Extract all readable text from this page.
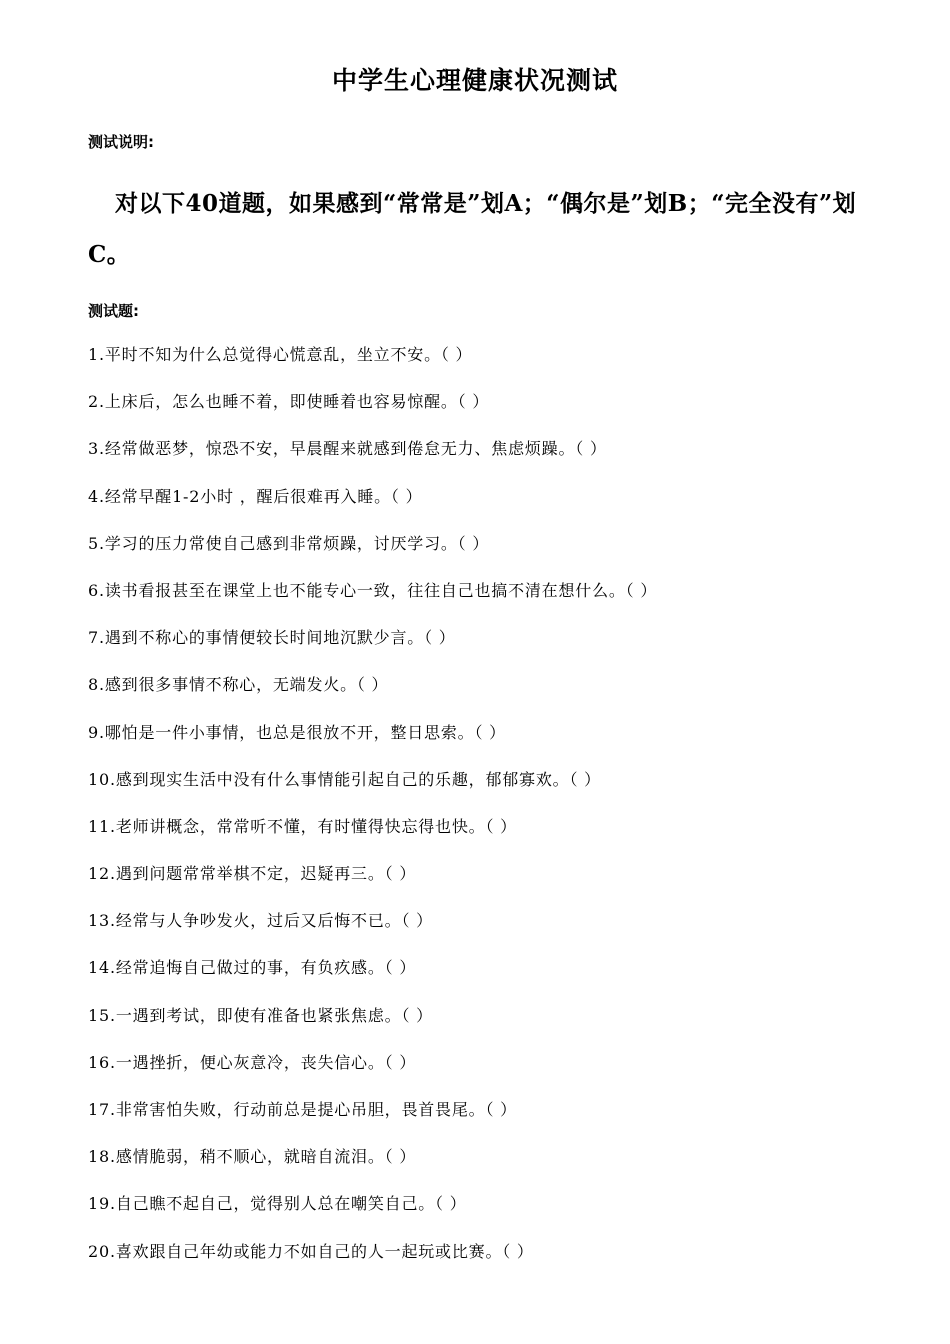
中学生心理健康状况测试
测试说明:
对以下40道题，如果感到“常常是”划A；“偶尔是”划B；“完全没有”划C。
测试题:
1.平时不知为什么总觉得心慌意乱，坐立不安。（ ）
2.上床后，怎么也睡不着，即使睡着也容易惊醒。（ ）
3.经常做恶梦，惊恐不安，早晨醒来就感到倦怠无力、焦虑烦躁。（ ）
4.经常早醒1-2小时 ，醒后很难再入睡。（ ）
5.学习的压力常使自己感到非常烦躁，讨厌学习。（ ）
6.读书看报甚至在课堂上也不能专心一致，往往自己也搞不清在想什么。（ ）
7.遇到不称心的事情便较长时间地沉默少言。（ ）
8.感到很多事情不称心，无端发火。（ ）
9.哪怕是一件小事情，也总是很放不开，整日思索。（ ）
10.感到现实生活中没有什么事情能引起自己的乐趣，郁郁寡欢。（ ）
11.老师讲概念，常常听不懂，有时懂得快忘得也快。（ ）
12.遇到问题常常举棋不定，迟疑再三。（ ）
13.经常与人争吵发火，过后又后悔不已。（ ）
14.经常追悔自己做过的事，有负疚感。（ ）
15.一遇到考试，即使有准备也紧张焦虑。（ ）
16.一遇挫折，便心灰意冷，丧失信心。（ ）
17.非常害怕失败，行动前总是提心吊胆，畏首畏尾。（ ）
18.感情脆弱，稍不顺心，就暗自流泪。（ ）
19.自己瞧不起自己，觉得别人总在嘲笑自己。（ ）
20.喜欢跟自己年幼或能力不如自己的人一起玩或比赛。（ ）
